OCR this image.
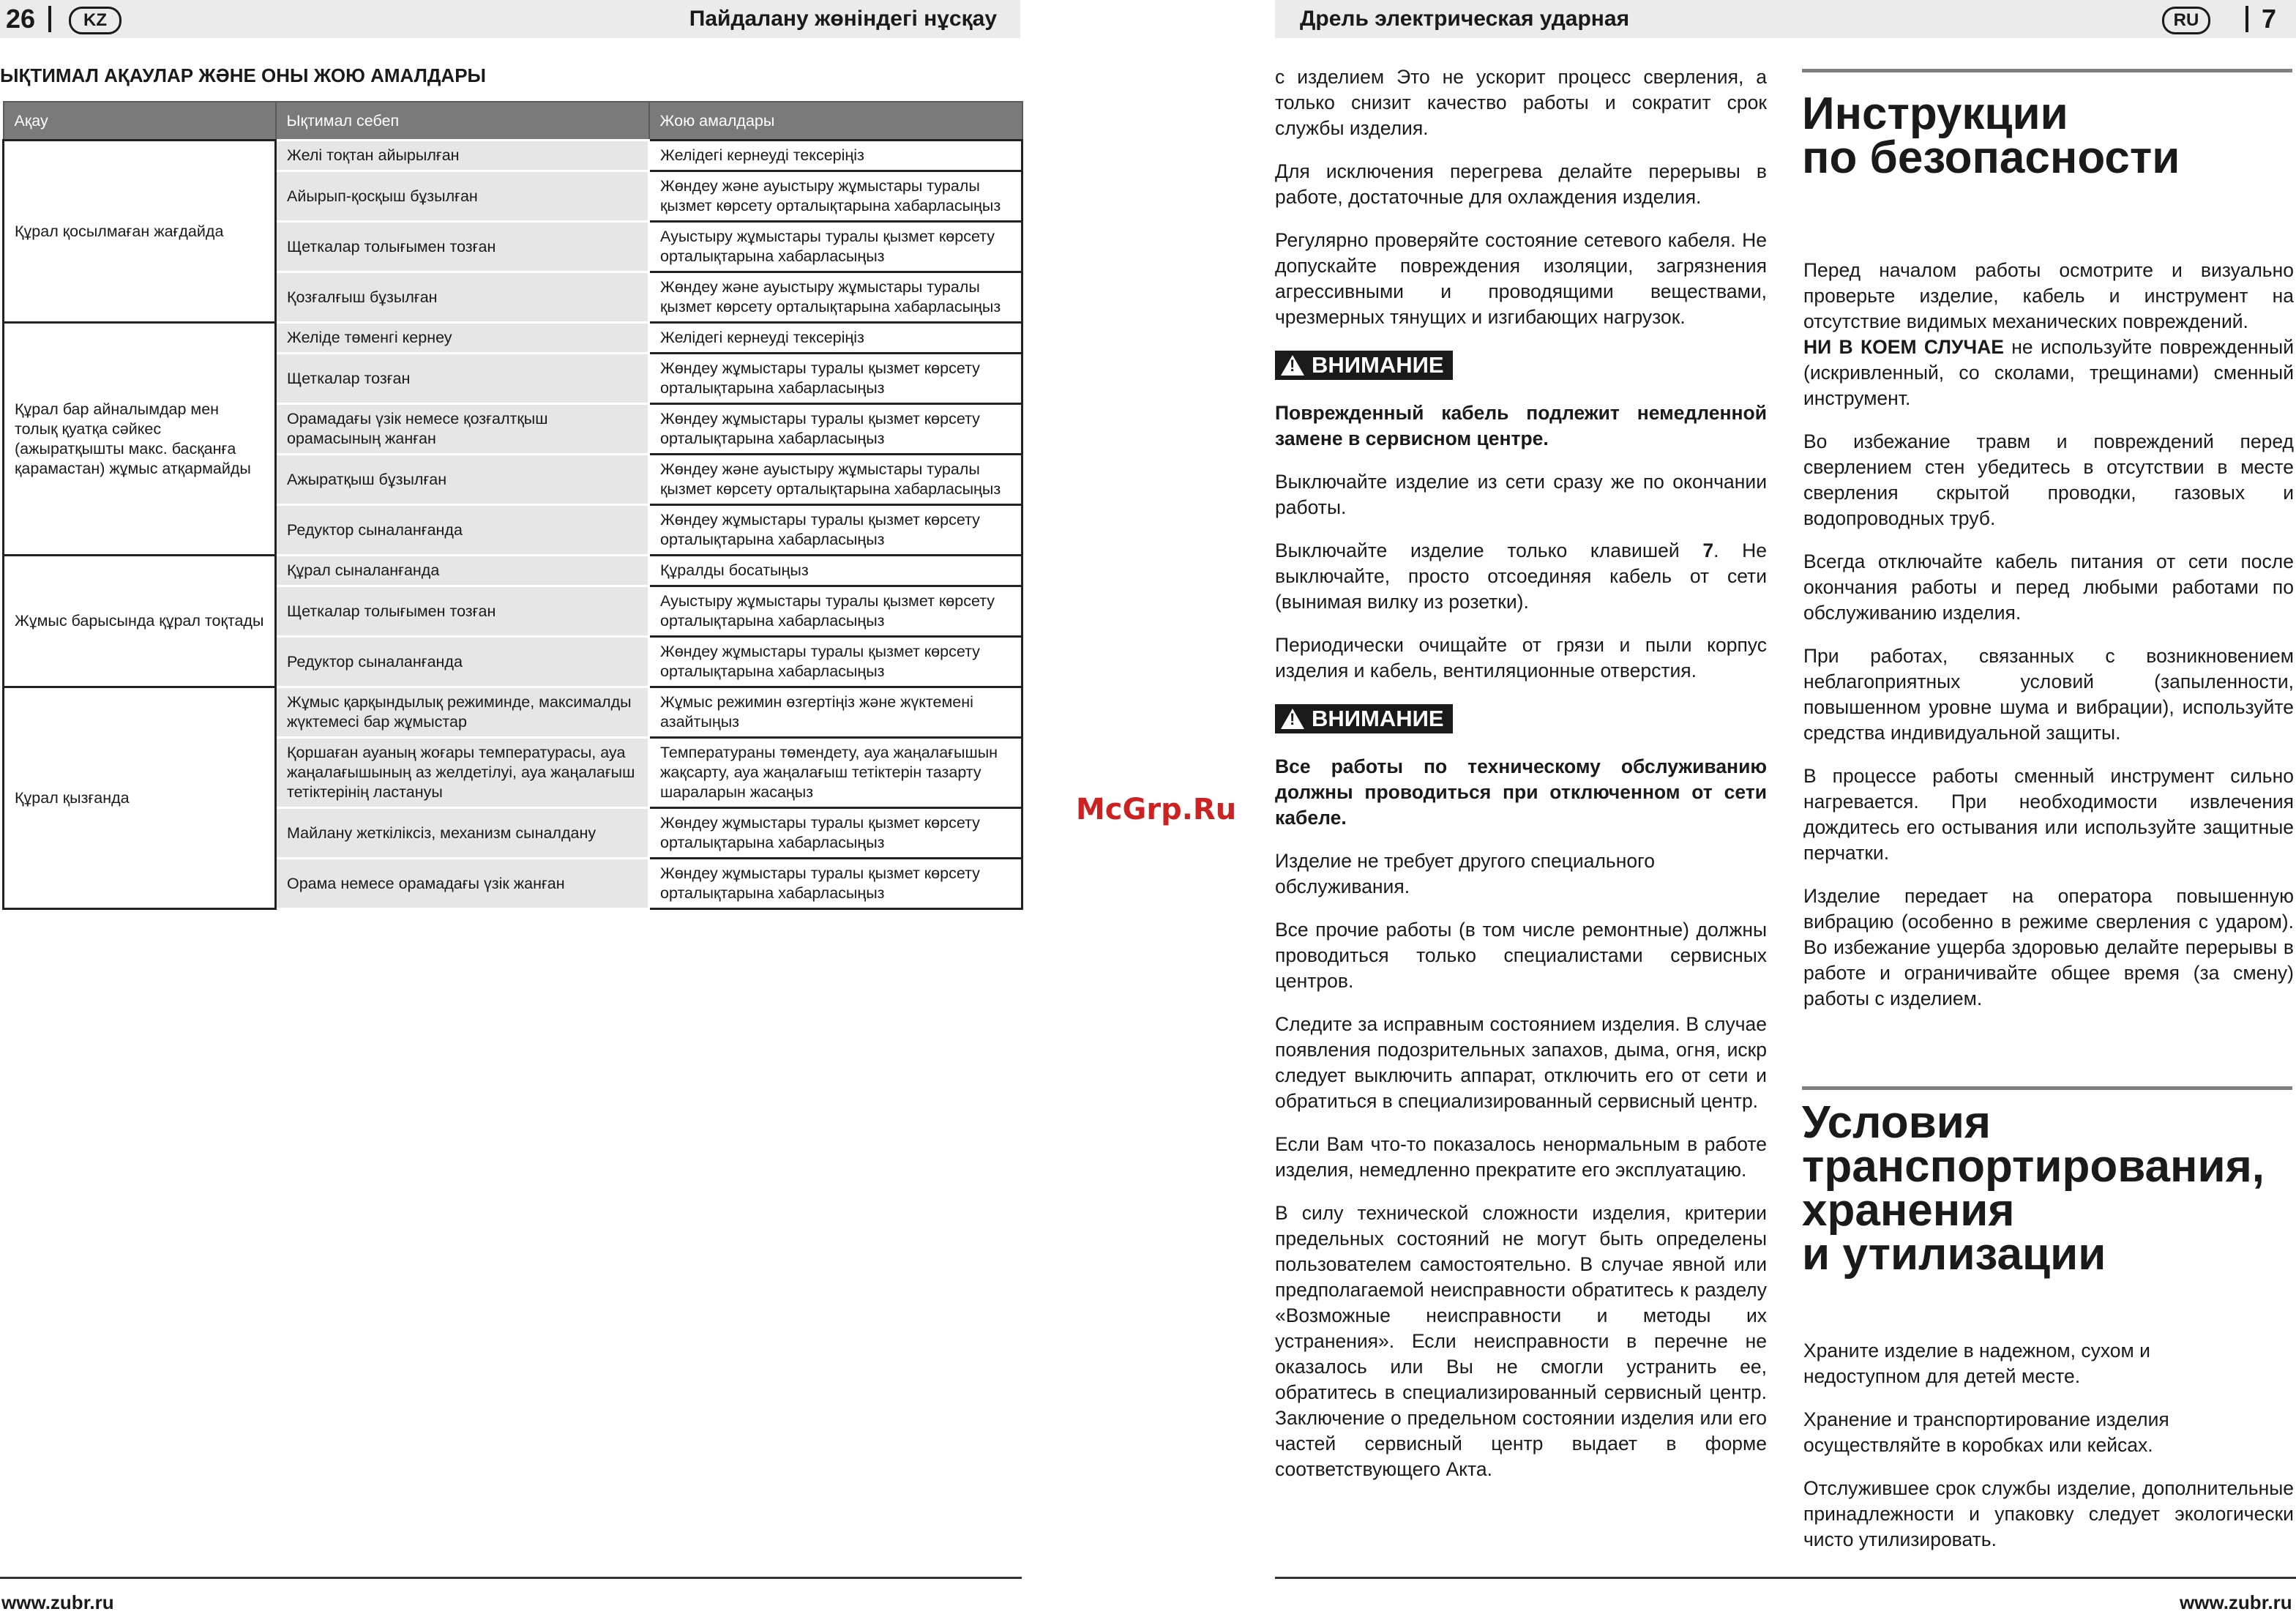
26	KZ	Пайдалану жөніндегі нұсқау
ЫҚТИМАЛ АҚАУЛАР ЖӘНЕ ОНЫ ЖОЮ АМАЛДАРЫ
Ақау	Ықтимал себеп	Жою амалдары
Құрал қосылмаған жағдайда	Желі тоқтан айырылған	Желідегі кернеуді тексеріңіз
	Айырып-қосқыш бұзылған	Жөндеу және ауыстыру жұмыстары туралы қызмет көрсету орталықтарына хабарласыңыз
	Щеткалар толығымен тозған	Ауыстыру жұмыстары туралы қызмет көрсету орталықтарына хабарласыңыз
	Қозғалғыш бұзылған	Жөндеу және ауыстыру жұмыстары туралы қызмет көрсету орталықтарына хабарласыңыз
Құрал бар айналымдар мен толық қуатқа сәйкес (ажыратқышты макс. басқанға қарамастан) жұмыс атқармайды	Желіде төменгі кернеу	Желідегі кернеуді тексеріңіз
	Щеткалар тозған	Жөндеу жұмыстары туралы қызмет көрсету орталықтарына хабарласыңыз
	Орамадағы үзік немесе қозғалтқыш орамасының жанған	Жөндеу жұмыстары туралы қызмет көрсету орталықтарына хабарласыңыз
	Ажыратқыш бұзылған	Жөндеу және ауыстыру жұмыстары туралы қызмет көрсету орталықтарына хабарласыңыз
	Редуктор сыналанғанда	Жөндеу жұмыстары туралы қызмет көрсету орталықтарына хабарласыңыз
Жұмыс барысында құрал тоқтады	Құрал сыналанғанда	Құралды босатыңыз
	Щеткалар толығымен тозған	Ауыстыру жұмыстары туралы қызмет көрсету орталықтарына хабарласыңыз
	Редуктор сыналанғанда	Жөндеу жұмыстары туралы қызмет көрсету орталықтарына хабарласыңыз
Құрал қызғанда	Жұмыс қарқындылық режиминде, максималды жүктемесі бар жұмыстар	Жұмыс режимин өзгертіңіз және жүктемені азайтыңыз
	Қоршаған ауаның жоғары температурасы, ауа жаңалағышының аз желдетілуі, ауа жаңалағыш тетіктерінің ластануы	Температураны төмендету, ауа жаңалағышын жақсарту, ауа жаңалағыш тетіктерін тазарту шараларын жасаңыз
	Майлану жеткіліксіз, механизм сыналдану	Жөндеу жұмыстары туралы қызмет көрсету орталықтарына хабарласыңыз
	Орама немесе орамадағы үзік жанған	Жөндеу жұмыстары туралы қызмет көрсету орталықтарына хабарласыңыз
www.zubr.ru
McGrp.Ru
Дрель электрическая ударная	RU	7

с изделием Это не ускорит процесс сверления, а только снизит качество работы и сократит срок службы изделия.

Для исключения перегрева делайте перерывы в работе, достаточные для охлаждения изделия.

Регулярно проверяйте состояние сетевого кабеля. Не допускайте повреждения изоляции, загрязнения агрессивными и проводящими веществами, чрезмерных тянущих и изгибающих нагрузок.

!
ВНИМАНИЕ

Поврежденный кабель подлежит немедленной замене в сервисном центре.

Выключайте изделие из сети сразу же по окончании работы.

Выключайте изделие только клавишей 7. Не выключайте, просто отсоединяя кабель от сети (вынимая вилку из розетки).

Периодически очищайте от грязи и пыли корпус изделия и кабель, вентиляционные отверстия.

!
ВНИМАНИЕ

Все работы по техническому обслуживанию должны проводиться при отключенном от сети кабеле.

Изделие не требует другого специального обслуживания.

Все прочие работы (в том числе ремонтные) должны проводиться только специалистами сервисных центров.

Следите за исправным состоянием изделия. В случае появления подозрительных запахов, дыма, огня, искр следует выключить аппарат, отключить его от сети и обратиться в специализированный сервисный центр.

Если Вам что-то показалось ненормальным в работе изделия, немедленно прекратите его эксплуатацию.

В силу технической сложности изделия, критерии предельных состояний не могут быть определены пользователем самостоятельно. В случае явной или предполагаемой неисправности обратитесь к разделу «Возможные неисправности и методы их устранения». Если неисправности в перечне не оказалось или Вы не смогли устранить ее, обратитесь в специализированный сервисный центр. Заключение о предельном состоянии изделия или его частей сервисный центр выдает в форме соответствующего Акта.

Инструкции
по безопасности

Перед началом работы осмотрите и визуально проверьте изделие, кабель и инструмент на отсутствие видимых механических повреждений.

НИ В КОЕМ СЛУЧАЕ не используйте поврежденный (искривленный, со сколами, трещинами) сменный инструмент.

Во избежание травм и повреждений перед сверлением стен убедитесь в отсутствии в месте сверления скрытой проводки, газовых и водопроводных труб.

Всегда отключайте кабель питания от сети после окончания работы и перед любыми работами по обслуживанию изделия.

При работах, связанных с возникновением неблагоприятных условий (запыленности, повышенном уровне шума и вибрации), используйте средства индивидуальной защиты.

В процессе работы сменный инструмент сильно нагревается. При необходимости извлечения дождитесь его остывания или используйте защитные перчатки.

Изделие передает на оператора повышенную вибрацию (особенно в режиме сверления с ударом). Во избежание ущерба здоровью делайте перерывы в работе и ограничивайте общее время (за смену) работы с изделием.

Условия
транспортирования,
хранения
и утилизации

Храните изделие в надежном, сухом и недоступном для детей месте.

Хранение и транспортирование изделия осуществляйте в коробках или кейсах.

Отслужившее срок службы изделие, дополнительные принадлежности и упаковку следует экологически чисто утилизировать.

www.zubr.ru
